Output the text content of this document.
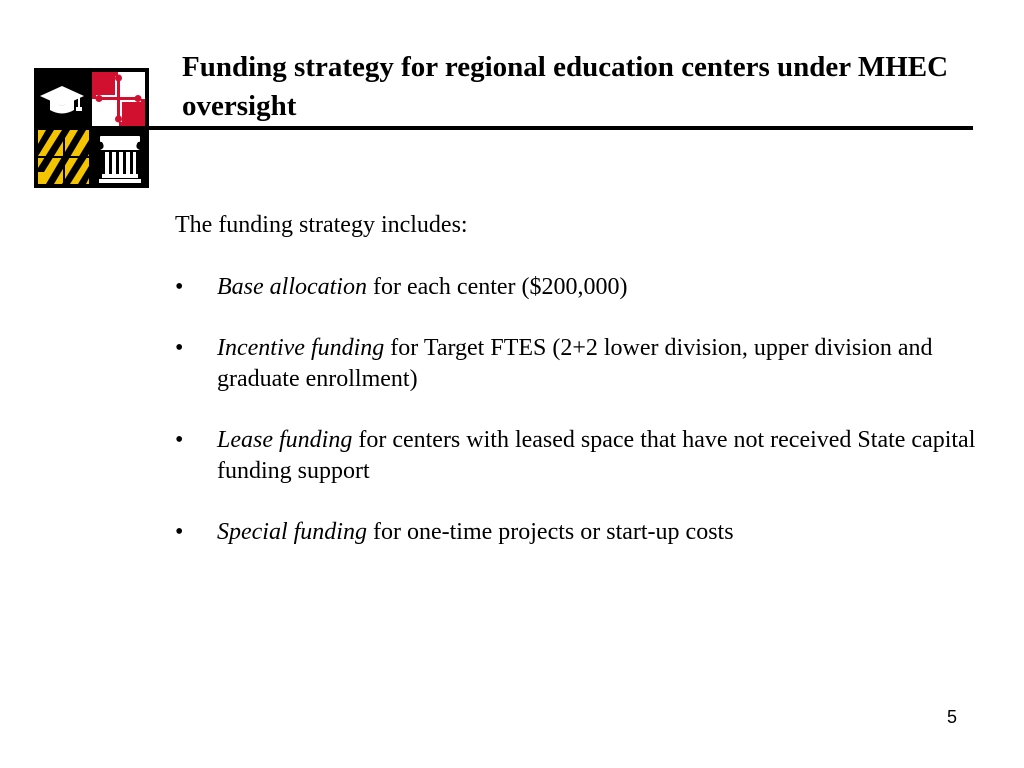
Funding strategy for regional education centers under MHEC oversight

The funding strategy includes:

• Base allocation for each center ($200,000)
• Incentive funding for Target FTES (2+2 lower division, upper division and graduate enrollment)
• Lease funding for centers with leased space that have not received State capital funding support
• Special funding for one-time projects or start-up costs
5
